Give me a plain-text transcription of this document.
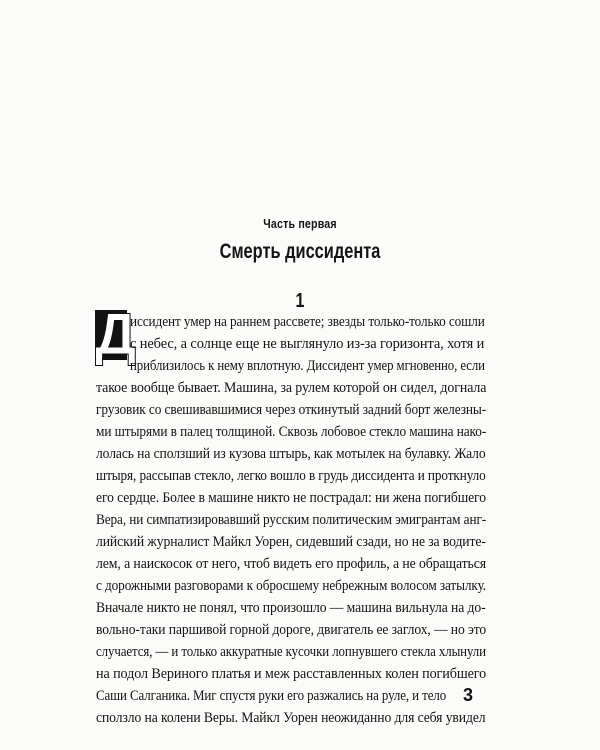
Часть первая
Смерть диссидента
1
Д
иссидент умер на раннем рассвете; звезды только-только сошли
с небес, а солнце еще не выглянуло из-за горизонта, хотя и
приблизилось к нему вплотную. Диссидент умер мгновенно, если
такое вообще бывает. Машина, за рулем которой он сидел, догнала
грузовик со свешивавшимися через откинутый задний борт железны-
ми штырями в палец толщиной. Сквозь лобовое стекло машина нако-
лолась на сползший из кузова штырь, как мотылек на булавку. Жало
штыря, рассыпав стекло, легко вошло в грудь диссидента и проткнуло
его сердце. Более в машине никто не пострадал: ни жена погибшего
Вера, ни симпатизировавший русским политическим эмигрантам анг-
лийский журналист Майкл Уорен, сидевший сзади, но не за водите-
лем, а наискосок от него, чтоб видеть его профиль, а не обращаться
с дорожными разговорами к обросшему небрежным волосом затылку.
Вначале никто не понял, что произошло — машина вильнула на до-
вольно-таки паршивой горной дороге, двигатель ее заглох, — но это
случается, — и только аккуратные кусочки лопнувшего стекла хлынули
на подол Вериного платья и меж расставленных колен погибшего
Саши Салганика. Миг спустя руки его разжались на руле, и тело
сползло на колени Веры. Майкл Уорен неожиданно для себя увидел
3
